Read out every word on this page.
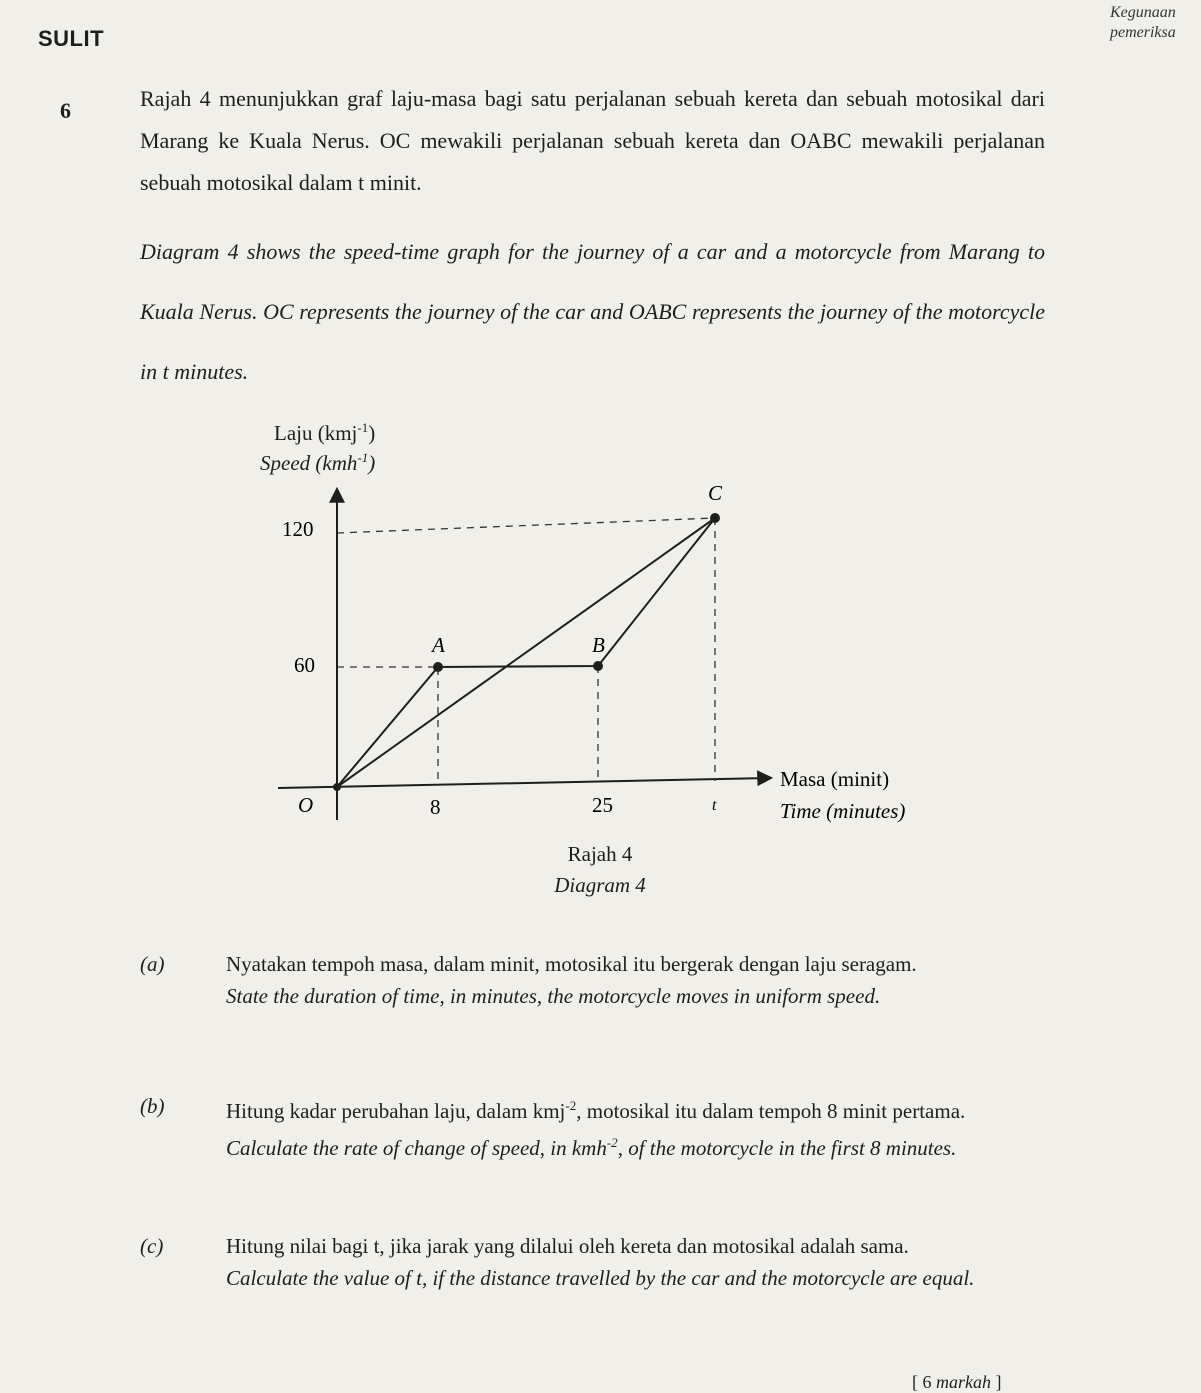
SULIT
Kegunaan
pemeriksa
6	Rajah 4 menunjukkan graf laju-masa bagi satu perjalanan sebuah kereta dan sebuah motosikal dari Marang ke Kuala Nerus. OC mewakili perjalanan sebuah kereta dan OABC mewakili perjalanan sebuah motosikal dalam t minit.
Diagram 4 shows the speed-time graph for the journey of a car and a motorcycle from Marang to Kuala Nerus. OC represents the journey of the car and OABC represents the journey of the motorcycle in t minutes.
Laju (kmj$^{-1}$)
Speed (kmh$^{-1}$)
120
60
O	8	25	t
A	B
C
Masa (minit)
Time (minutes)
Rajah 4
Diagram 4
(a)	Nyatakan tempoh masa, dalam minit, motosikal itu bergerak dengan laju seragam.
State the duration of time, in minutes, the motorcycle moves in uniform speed.
(b)	Hitung kadar perubahan laju, dalam kmj$^{-2}$, motosikal itu dalam tempoh 8 minit pertama.
Calculate the rate of change of speed, in kmh$^{-2}$, of the motorcycle in the first 8 minutes.
(c)	Hitung nilai bagi t, jika jarak yang dilalui oleh kereta dan motosikal adalah sama.
Calculate the value of t, if the distance travelled by the car and the motorcycle are equal.
[ 6 markah ]
